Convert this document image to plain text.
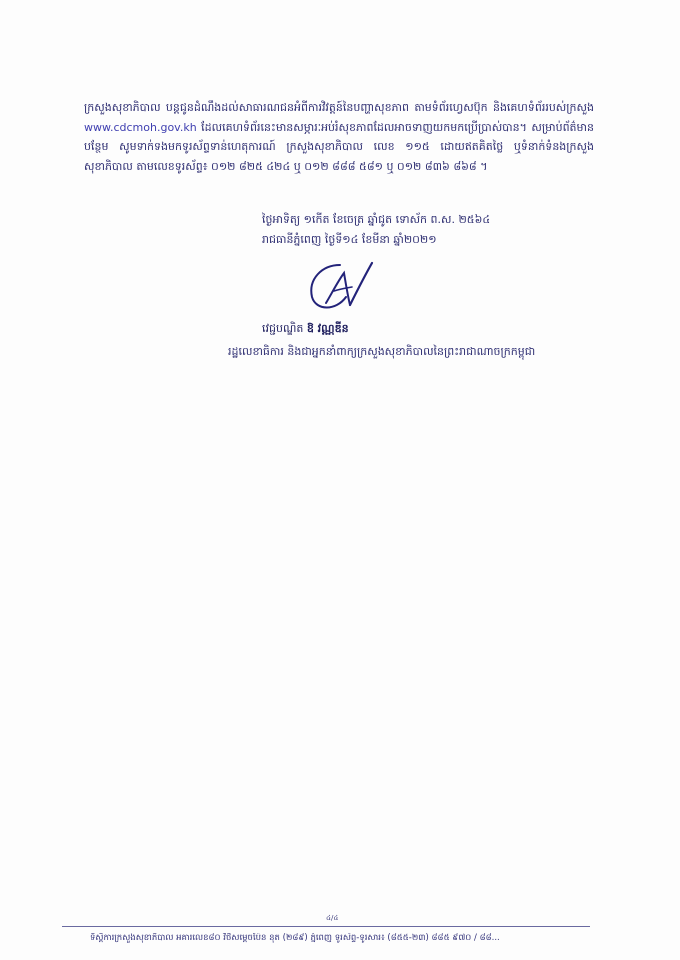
ក្រសួងសុខាភិបាល បន្តជូនដំណឹងដល់សាធារណជនអំពីការវិវត្តន៍នៃបញ្ហាសុខភាព តាមទំព័រហ្វេសប៊ុក និងគេហទំព័ររបស់ក្រសួង www.cdcmoh.gov.kh ដែលគេហទំព័រនេះមានសម្ភារៈអប់រំសុខភាពដែលអាចទាញយកមកប្រើប្រាស់បាន។ សម្រាប់ព័ត៌មានបន្ថែម សូមទាក់ទងមកទូរស័ព្ទទាន់ហេតុការណ៍ ក្រសួងសុខាភិបាល លេខ ១១៥ ដោយឥតគិតថ្លៃ ឬទំនាក់ទំនងក្រសួងសុខាភិបាល តាមលេខទូរស័ព្ទ៖ ០១២ ៨២៥ ៤២៤ ឬ ០១២ ៨៨៨ ៥៨១ ឬ ០១២ ៨៣៦ ៨៦៨ ។
ថ្ងៃអាទិត្យ ១កើត ខែចេត្រ ឆ្នាំជូត ទោស័ក ព.ស. ២៥៦៤
រាជធានីភ្នំពេញ ថ្ងៃទី១៤ ខែមីនា ឆ្នាំ២០២១
វេជ្ជបណ្ឌិត ឱ វណ្ណឌីន
រដ្ឋលេខាធិការ និងជាអ្នកនាំពាក្យក្រសួងសុខាភិបាលនៃព្រះរាជាណាចក្រកម្ពុជា
៤/៤
ទីស្តីការក្រសួងសុខាភិបាល អគារលេខ៨០ វិថីសម្តេចប៉ែន នុត (២៨៩) ភ្នំពេញ ទូរស័ព្ទ-ទូរសារ៖ (៨៥៥-២៣) ៨៨៥ ៩៧០ / ៨៨...
